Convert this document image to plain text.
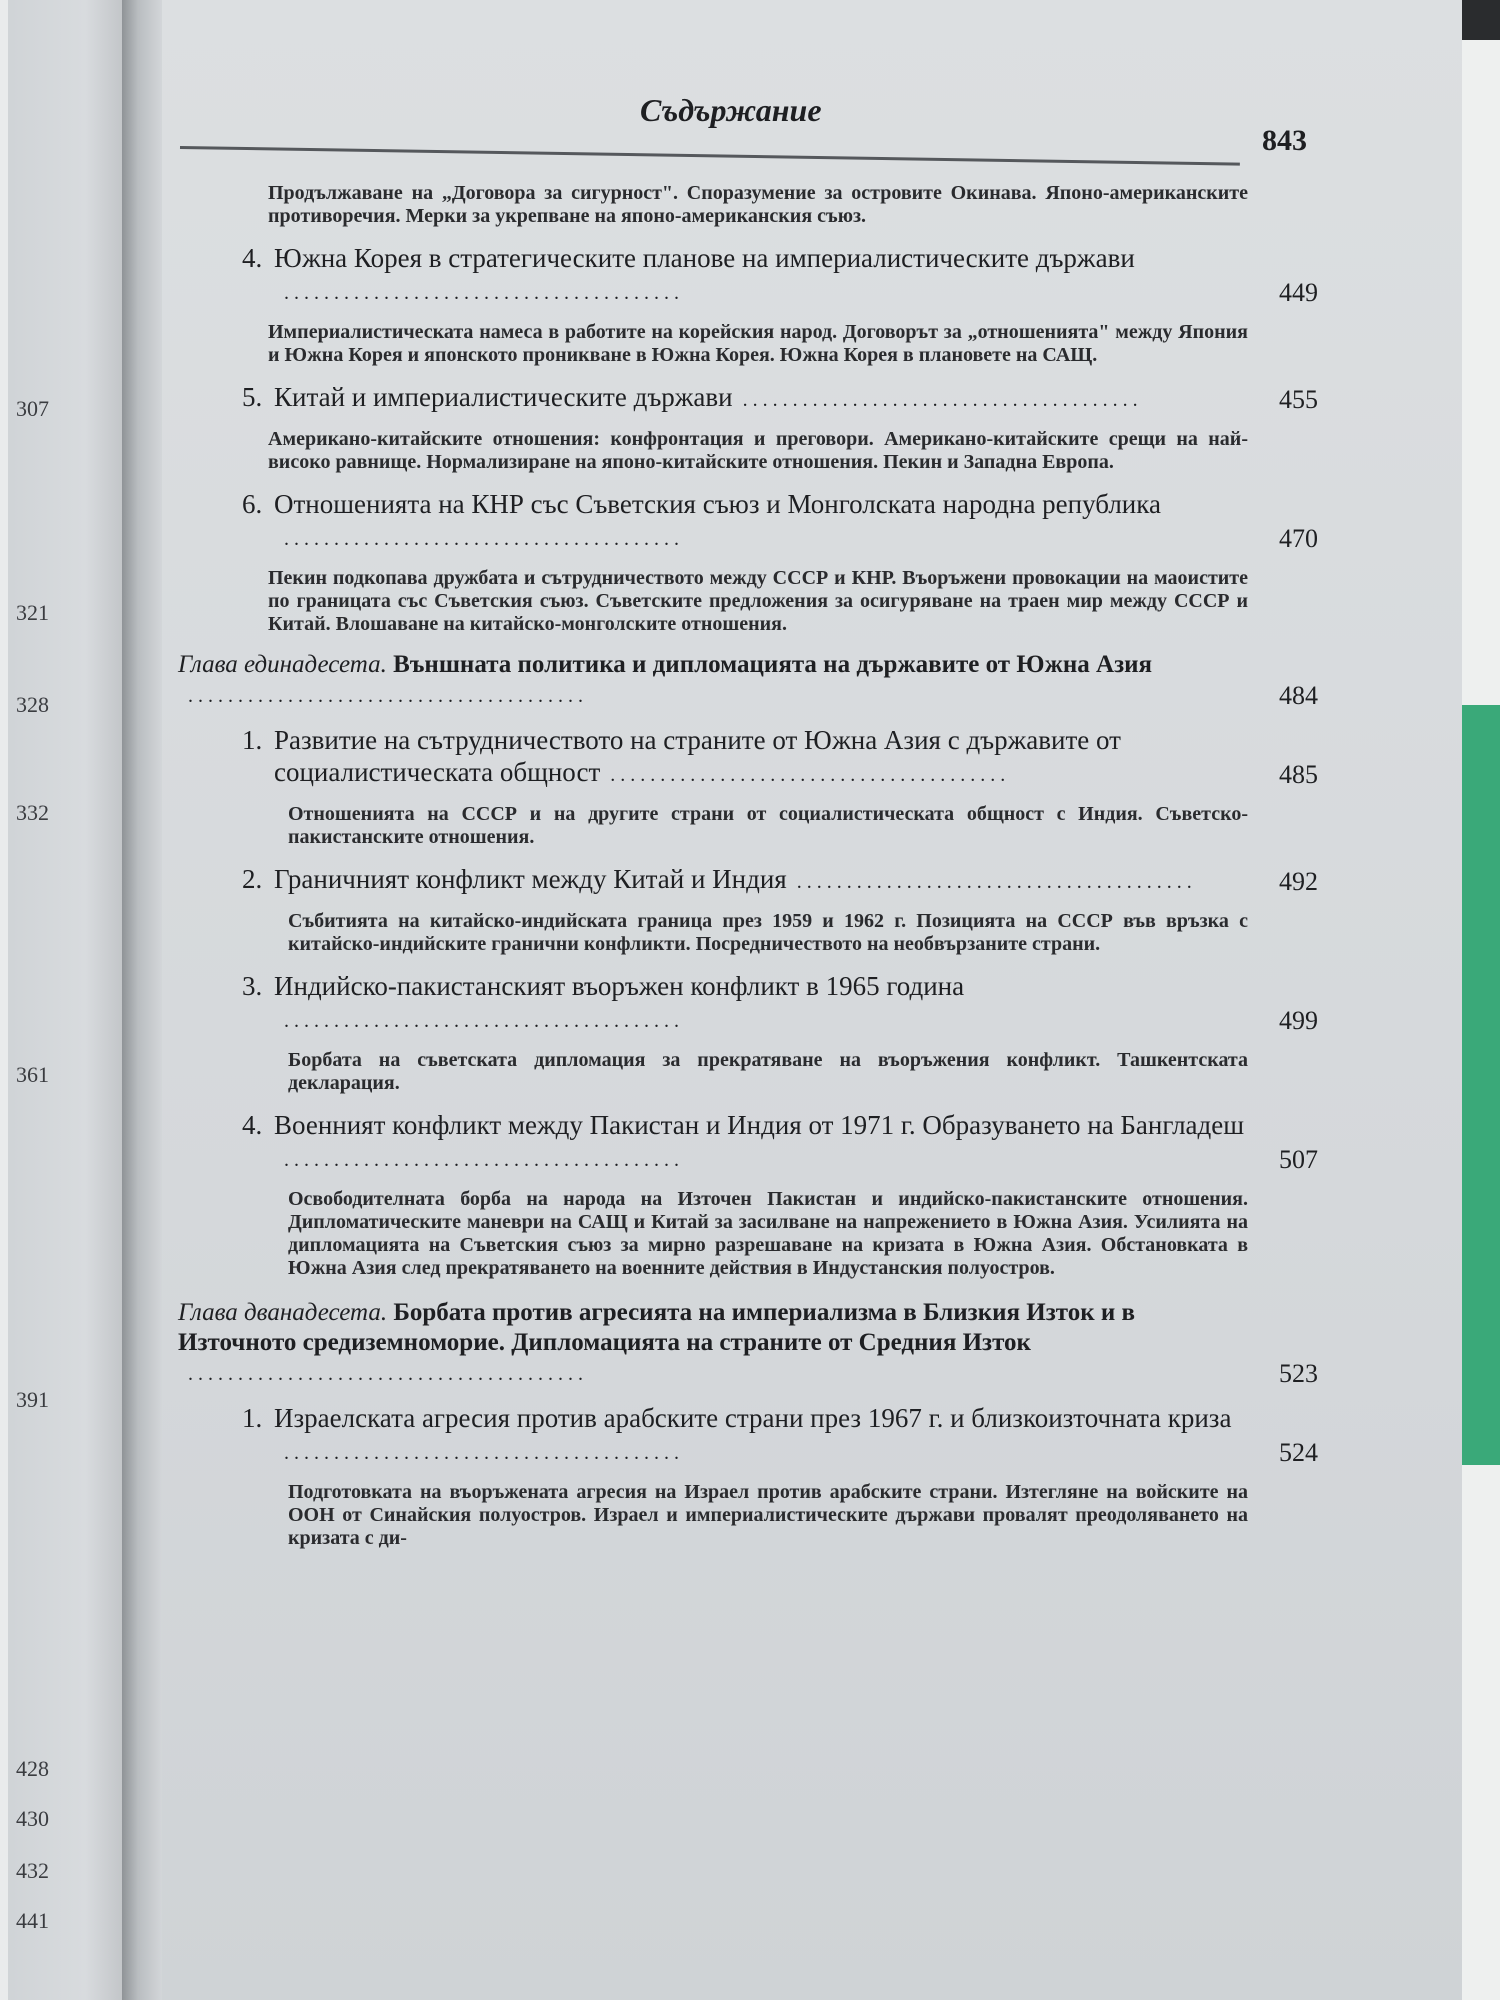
307
321
328
332
361
391
428
430
432
441
Съдържание
843
Продължаване на „Договора за сигурност". Споразумение за островите Окинава. Японо-американските противоречия. Мерки за укрепване на японо-американския съюз.
4. Южна Корея в стратегическите планове на империалистическите държави. . . . . . . . . . . . . . . . . . . . . . . . . . . . . . . . . . . . . . . .	449
Империалистическата намеса в работите на корейския народ. Договорът за „отношенията" между Япония и Южна Корея и японското проникване в Южна Корея. Южна Корея в плановете на САЩ.
5. Китай и империалистическите държави . . . . . . . . . . . . . . . . . . . . . . . . . . . . . . . . . . . . . . . .	455
Американо-китайските отношения: конфронтация и преговори. Американо-китайските срещи на най-високо равнище. Нормализиране на японо-китайските отношения. Пекин и Западна Европа.
6. Отношенията на КНР със Съветския съюз и Монголската народна република. . . . . . . . . . . . . . . . . . . . . . . . . . . . . . . . . . . . . . . .	470
Пекин подкопава дружбата и сътрудничеството между СССР и КНР. Въоръжени провокации на маоистите по границата със Съветския съюз. Съветските предложения за осигуряване на траен мир между СССР и Китай. Влошаване на китайско-монголските отношения.
Глава единадесета. Външната политика и дипломацията на държавите от Южна Азия. . . . . . . . . . . . . . . . . . . . . . . . . . . . . . . . . . . . . . . .	484
1. Развитие на сътрудничеството на страните от Южна Азия с държавите от социалистическата общност . . . . . . . . . . . . . . . . . . . . . . . . . . . . . . . . . . . . . . . .	485
Отношенията на СССР и на другите страни от социалистическата общност с Индия. Съветско-пакистанските отношения.
2. Граничният конфликт между Китай и Индия . . . . . . . . . . . . . . . . . . . . . . . . . . . . . . . . . . . . . . . .	492
Събитията на китайско-индийската граница през 1959 и 1962 г. Позицията на СССР във връзка с китайско-индийските гранични конфликти. Посредничеството на необвързаните страни.
3. Индийско-пакистанският въоръжен конфликт в 1965 година. . . . . . . . . . . . . . . . . . . . . . . . . . . . . . . . . . . . . . . .	499
Борбата на съветската дипломация за прекратяване на въоръжения конфликт. Ташкентската декларация.
4. Военният конфликт между Пакистан и Индия от 1971 г. Образуването на Бангладеш. . . . . . . . . . . . . . . . . . . . . . . . . . . . . . . . . . . . . . . .	507
Освободителната борба на народа на Източен Пакистан и индийско-пакистанските отношения. Дипломатическите маневри на САЩ и Китай за засилване на напрежението в Южна Азия. Усилията на дипломацията на Съветския съюз за мирно разрешаване на кризата в Южна Азия. Обстановката в Южна Азия след прекратяването на военните действия в Индустанския полуостров.
Глава дванадесета. Борбата против агресията на империализма в Близкия Изток и в Източното средиземноморие. Дипломацията на страните от Средния Изток. . . . . . . . . . . . . . . . . . . . . . . . . . . . . . . . . . . . . . . .	523
1. Израелската агресия против арабските страни през 1967 г. и близкоизточната криза. . . . . . . . . . . . . . . . . . . . . . . . . . . . . . . . . . . . . . . .	524
Подготовката на въоръжената агресия на Израел против арабските страни. Изтегляне на войските на ООН от Синайския полуостров. Израел и империалистическите държави провалят преодоляването на кризата с ди-
